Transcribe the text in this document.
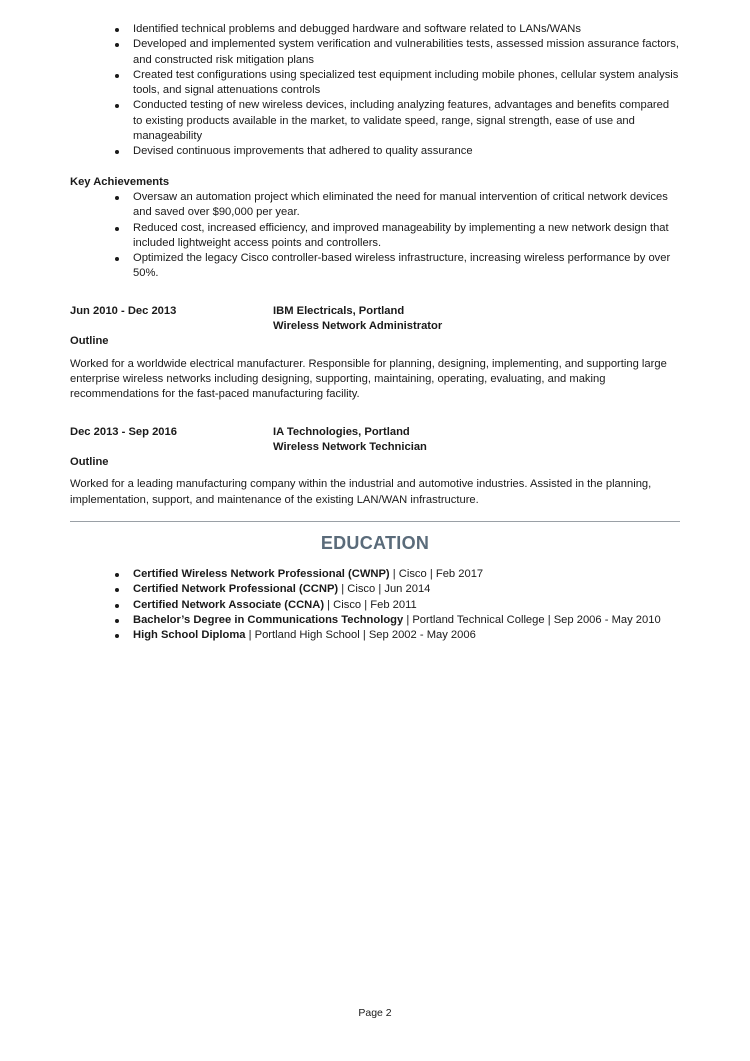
Identified technical problems and debugged hardware and software related to LANs/WANs
Developed and implemented system verification and vulnerabilities tests, assessed mission assurance factors, and constructed risk mitigation plans
Created test configurations using specialized test equipment including mobile phones, cellular system analysis tools, and signal attenuations controls
Conducted testing of new wireless devices, including analyzing features, advantages and benefits compared to existing products available in the market, to validate speed, range, signal strength, ease of use and manageability
Devised continuous improvements that adhered to quality assurance
Key Achievements
Oversaw an automation project which eliminated the need for manual intervention of critical network devices and saved over $90,000 per year.
Reduced cost, increased efficiency, and improved manageability by implementing a new network design that included lightweight access points and controllers.
Optimized the legacy Cisco controller-based wireless infrastructure, increasing wireless performance by over 50%.
Jun 2010 - Dec 2013	IBM Electricals, Portland
Wireless Network Administrator
Outline
Worked for a worldwide electrical manufacturer. Responsible for planning, designing, implementing, and supporting large enterprise wireless networks including designing, supporting, maintaining, operating, evaluating, and making recommendations for the fast-paced manufacturing facility.
Dec 2013 - Sep 2016	IA Technologies, Portland
Wireless Network Technician
Outline
Worked for a leading manufacturing company within the industrial and automotive industries. Assisted in the planning, implementation, support, and maintenance of the existing LAN/WAN infrastructure.
EDUCATION
Certified Wireless Network Professional (CWNP) | Cisco | Feb 2017
Certified Network Professional (CCNP) | Cisco | Jun 2014
Certified Network Associate (CCNA) | Cisco | Feb 2011
Bachelor’s Degree in Communications Technology | Portland Technical College | Sep 2006 - May 2010
High School Diploma | Portland High School | Sep 2002 - May 2006
Page 2
